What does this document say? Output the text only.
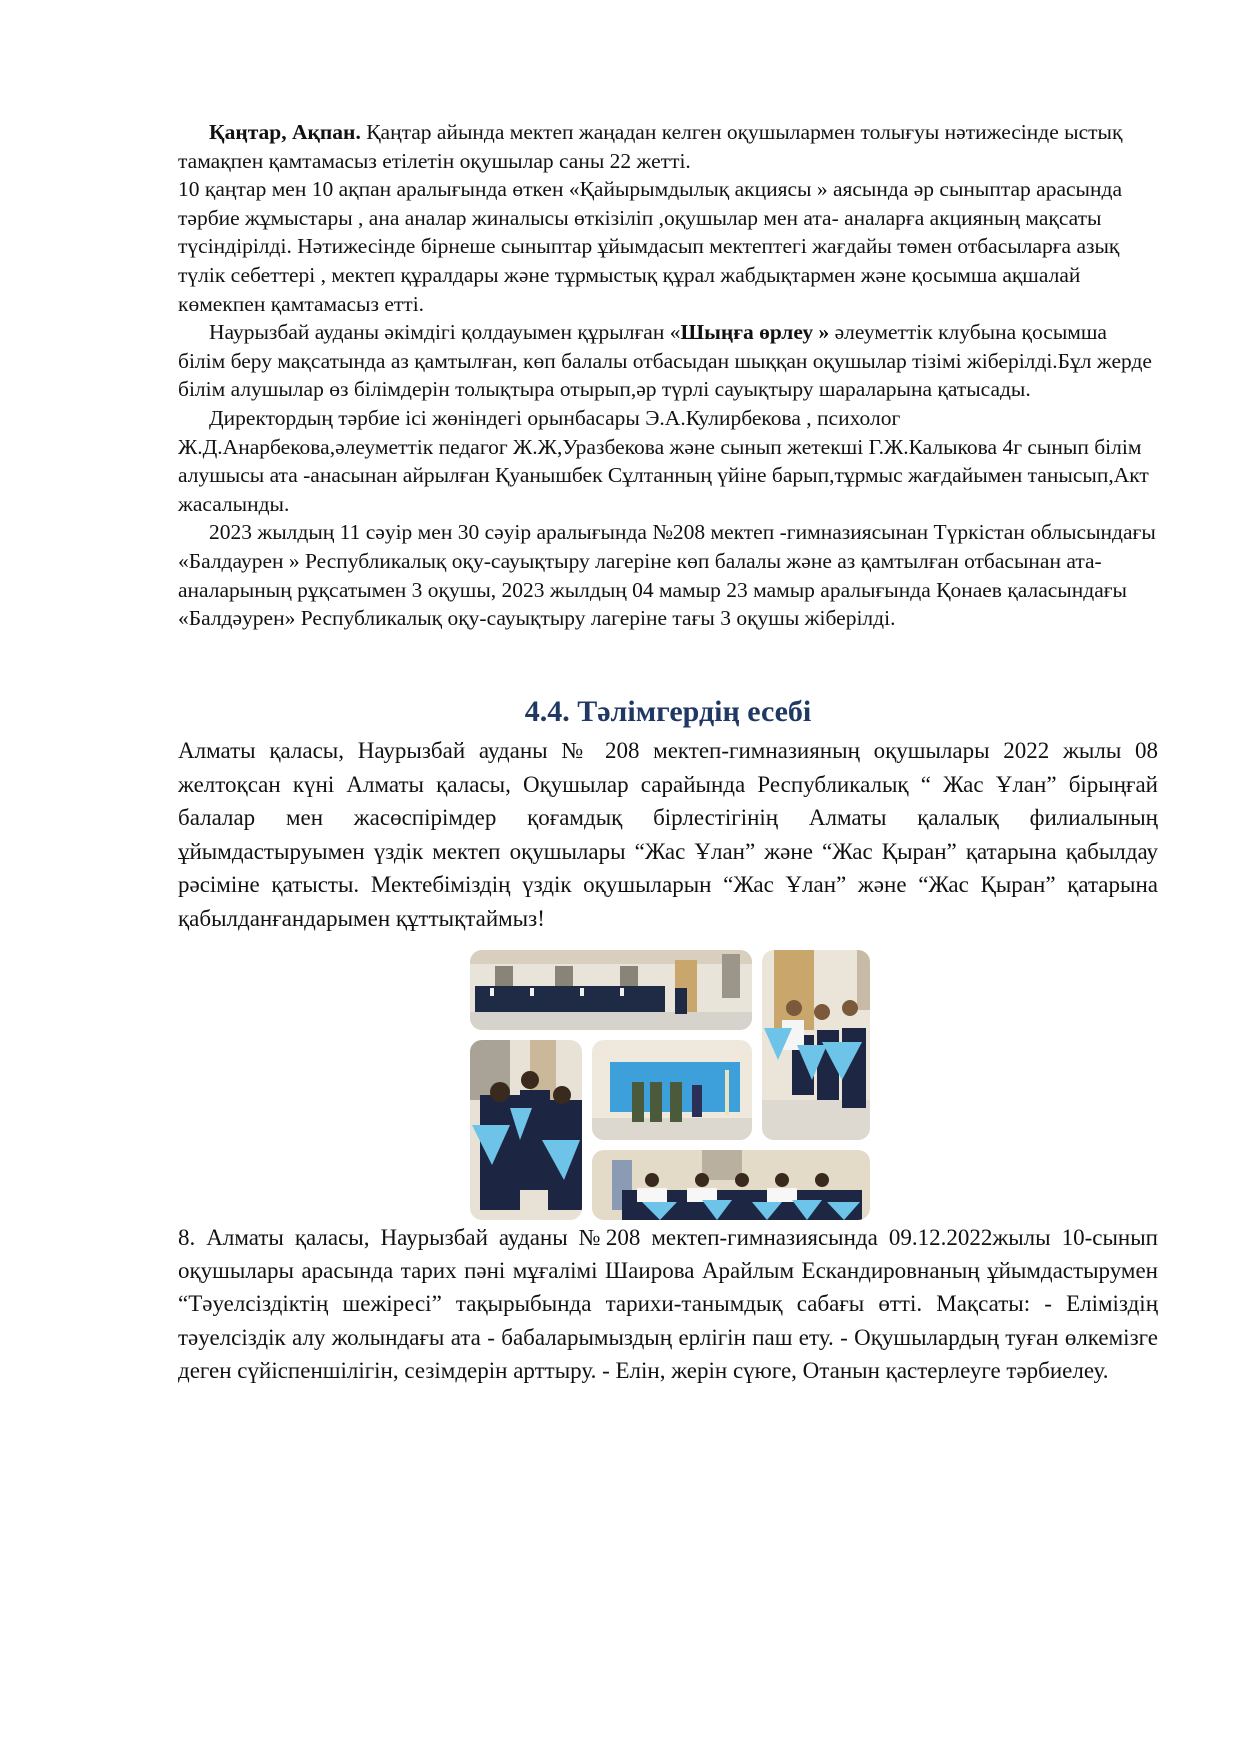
Қаңтар, Ақпан. Қаңтар айында мектеп жаңадан келген оқушылармен толығуы нәтижесінде ыстық тамақпен қамтамасыз етілетін оқушылар саны 22 жетті.

10 қаңтар мен 10 ақпан аралығында өткен «Қайырымдылық акциясы » аясында әр сыныптар арасында тәрбие жұмыстары , ана аналар жиналысы өткізіліп ,оқушылар мен ата- аналарға акцияның мақсаты түсіндірілді. Нәтижесінде бірнеше сыныптар ұйымдасып мектептегі жағдайы төмен отбасыларға азық түлік себеттері , мектеп құралдары және тұрмыстық құрал жабдықтармен және қосымша ақшалай көмекпен қамтамасыз етті.

Наурызбай ауданы әкімдігі қолдауымен құрылған «Шыңға өрлеу » әлеуметтік клубына қосымша білім беру мақсатында аз қамтылған, көп балалы отбасыдан шыққан оқушылар тізімі жіберілді.Бұл жерде білім алушылар өз білімдерін толықтыра отырып,әр түрлі сауықтыру шараларына қатысады.

Директордың тәрбие ісі жөніндегі орынбасары Э.А.Кулирбекова , психолог Ж.Д.Анарбекова,әлеуметтік педагог Ж.Ж,Уразбекова және сынып жетекші Г.Ж.Калыкова 4г сынып білім алушысы ата -анасынан айрылған Қуанышбек Сұлтанның үйіне барып,тұрмыс жағдайымен танысып,Акт жасалынды.

2023 жылдың 11 сәуір мен 30 сәуір аралығында №208 мектеп -гимназиясынан Түркістан облысындағы «Балдаурен » Республикалық оқу-сауықтыру лагеріне көп балалы және аз қамтылған отбасынан ата-аналарының рұқсатымен 3 оқушы, 2023 жылдың 04 мамыр 23 мамыр аралығында Қонаев қаласындағы «Балдәурен» Республикалық оқу-сауықтыру лагеріне тағы 3 оқушы жіберілді.

4.4. Тәлімгердің есебі

Алматы қаласы, Наурызбай ауданы № 208 мектеп-гимназияның оқушылары 2022 жылы 08 желтоқсан күні Алматы қаласы, Оқушылар сарайында Республикалық “ Жас Ұлан” бірыңғай балалар мен жасөспірімдер қоғамдық бірлестігінің Алматы қалалық филиалының ұйымдастыруымен үздік мектеп оқушылары “Жас Ұлан” және “Жас Қыран” қатарына қабылдау рәсіміне қатысты. Мектебіміздің үздік оқушыларын “Жас Ұлан” және “Жас Қыран” қатарына қабылданғандарымен құттықтаймыз!

8. Алматы қаласы, Наурызбай ауданы №208 мектеп-гимназиясында 09.12.2022жылы 10-сынып оқушылары арасында тарих пәні мұғалімі Шаирова Арайлым Ескандировнаның ұйымдастырумен “Тәуелсіздіктің шежіресі” тақырыбында тарихи-танымдық сабағы өтті. Мақсаты: - Еліміздің тәуелсіздік алу жолындағы ата - бабаларымыздың ерлігін паш ету. - Оқушылардың туған өлкемізге деген сүйіспеншілігін, сезімдерін арттыру. - Елін, жерін сүюге, Отанын қастерлеуге тәрбиелеу.
